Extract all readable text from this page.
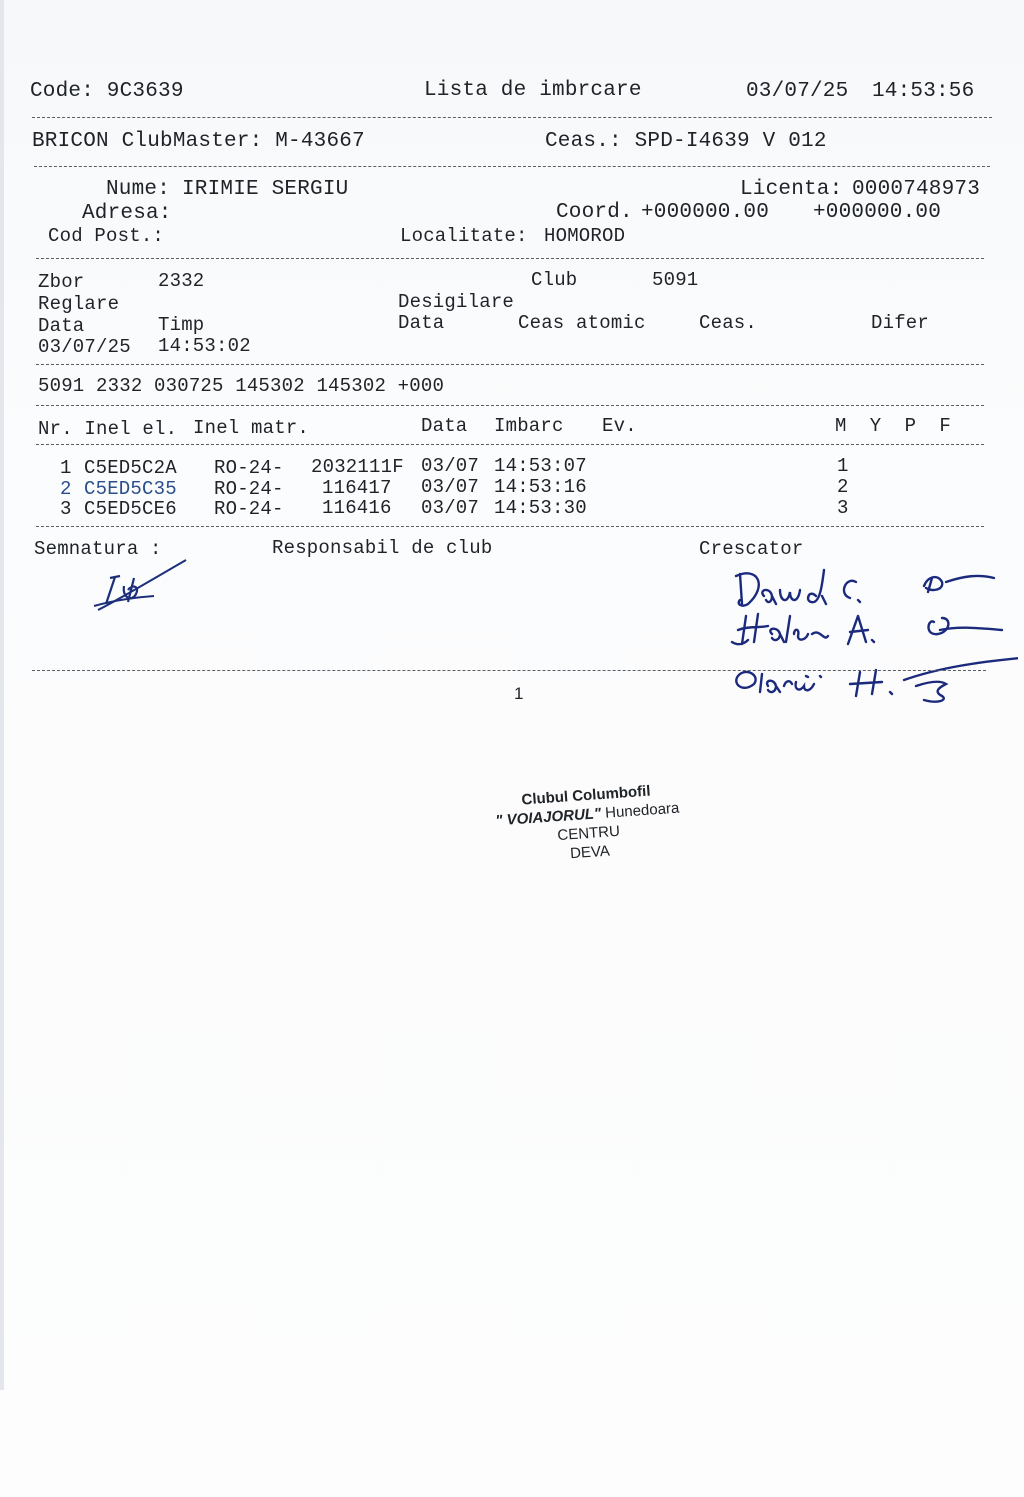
Code: 9C3639	Lista de imbrcare	03/07/25 14:53:56
BRICON ClubMaster: M-43667	Ceas.: SPD-I4639 V 012
Nume: IRIMIE SERGIU	Licenta: 0000748973
Adresa:	Coord. +000000.00 +000000.00
Cod Post.:	Localitate: HOMOROD
Zbor	2332	Club	5091
Reglare	Desigilare
Data	Timp	Data	Ceas atomic	Ceas.	Difer
03/07/25 14:53:02
5091 2332 030725 145302 145302 +000
Nr. Inel el. Inel matr.	Data Imbarc Ev.	M  Y  P  F
1 C5ED5C2A RO-24- 2032111F 03/07 14:53:07	1
2 C5ED5C35 RO-24- 116417 03/07 14:53:16	2
3 C5ED5CE6 RO-24- 116416 03/07 14:53:30	3
Semnatura :	Responsabil de club	Crescator
1
Clubul Columbofil
" VOIAJORUL" Hunedoara
CENTRU
DEVA
